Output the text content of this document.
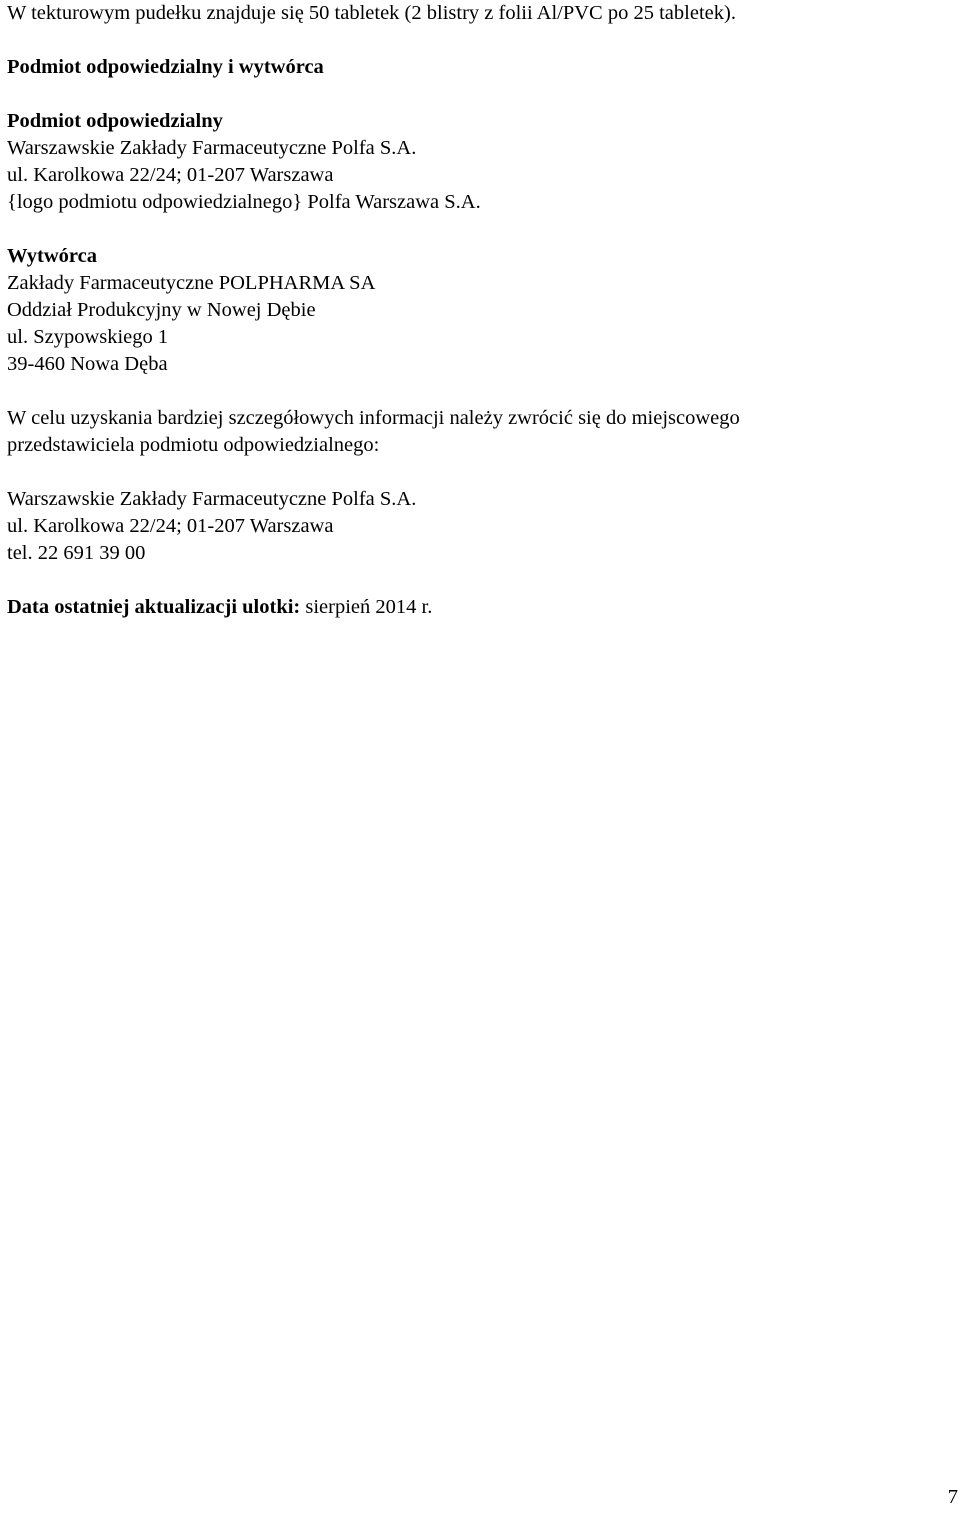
W tekturowym pudełku znajduje się 50 tabletek (2 blistry z folii Al/PVC po 25 tabletek).

Podmiot odpowiedzialny i wytwórca

Podmiot odpowiedzialny

Warszawskie Zakłady Farmaceutyczne Polfa S.A.

ul. Karolkowa 22/24; 01-207 Warszawa

{logo podmiotu odpowiedzialnego} Polfa Warszawa S.A.

Wytwórca

Zakłady Farmaceutyczne POLPHARMA SA

Oddział Produkcyjny w Nowej Dębie

ul. Szypowskiego 1

39-460 Nowa Dęba

W celu uzyskania bardziej szczegółowych informacji należy zwrócić się do miejscowego

przedstawiciela podmiotu odpowiedzialnego:

Warszawskie Zakłady Farmaceutyczne Polfa S.A.

ul. Karolkowa 22/24; 01-207 Warszawa

tel. 22 691 39 00

Data ostatniej aktualizacji ulotki: sierpień 2014 r.

7
